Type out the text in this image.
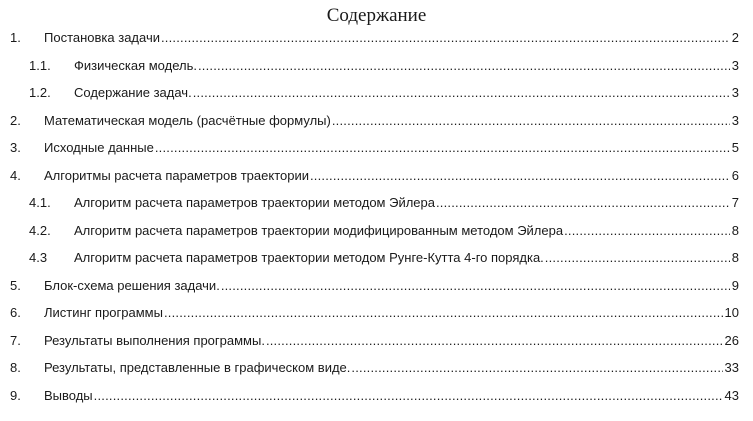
Содержание
1.	Постановка задачи .....	2
1.1.	Физическая модель. .....	3
1.2.	Содержание задач. .....	3
2.	Математическая модель (расчётные формулы) .....	3
3.	Исходные данные .....	5
4.	Алгоритмы расчета параметров траектории .....	6
4.1.	Алгоритм расчета параметров траектории методом Эйлера .....	7
4.2.	Алгоритм расчета параметров траектории модифицированным методом Эйлера .....	8
4.3	Алгоритм расчета параметров траектории методом Рунге-Кутта 4-го порядка. .....	8
5.	Блок-схема решения задачи. .....	9
6.	Листинг программы .....	10
7.	Результаты выполнения программы. .....	26
8.	Результаты, представленные в графическом виде. .....	33
9.	Выводы .....	43
